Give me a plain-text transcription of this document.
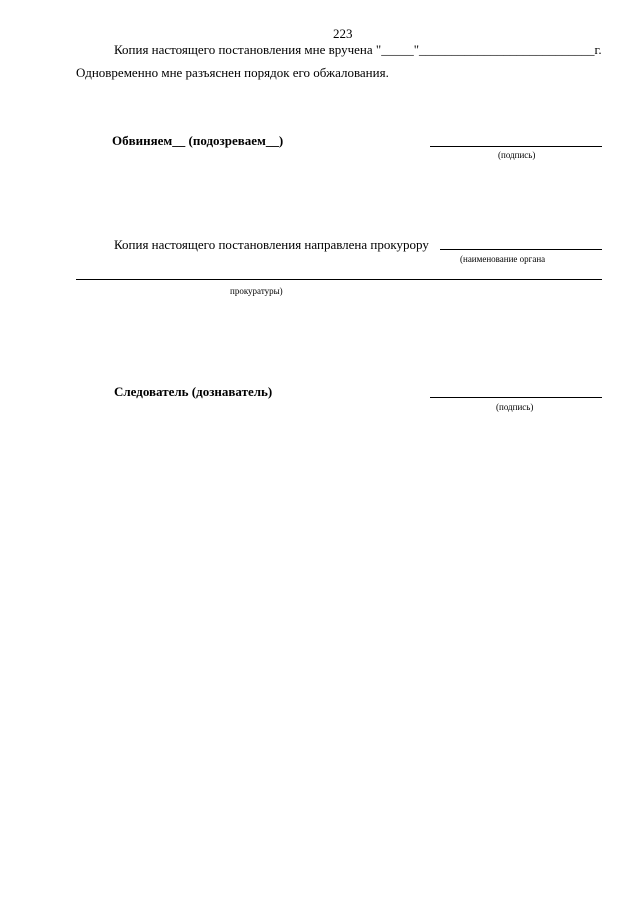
223
Копия настоящего постановления мне вручена "_____"___________________________г.
Одновременно мне разъяснен порядок его обжалования.
Обвиняем__ (подозреваем__)
(подпись)
Копия настоящего постановления направлена прокурору
(наименование органа
прокуратуры)
Следователь (дознаватель)
(подпись)
